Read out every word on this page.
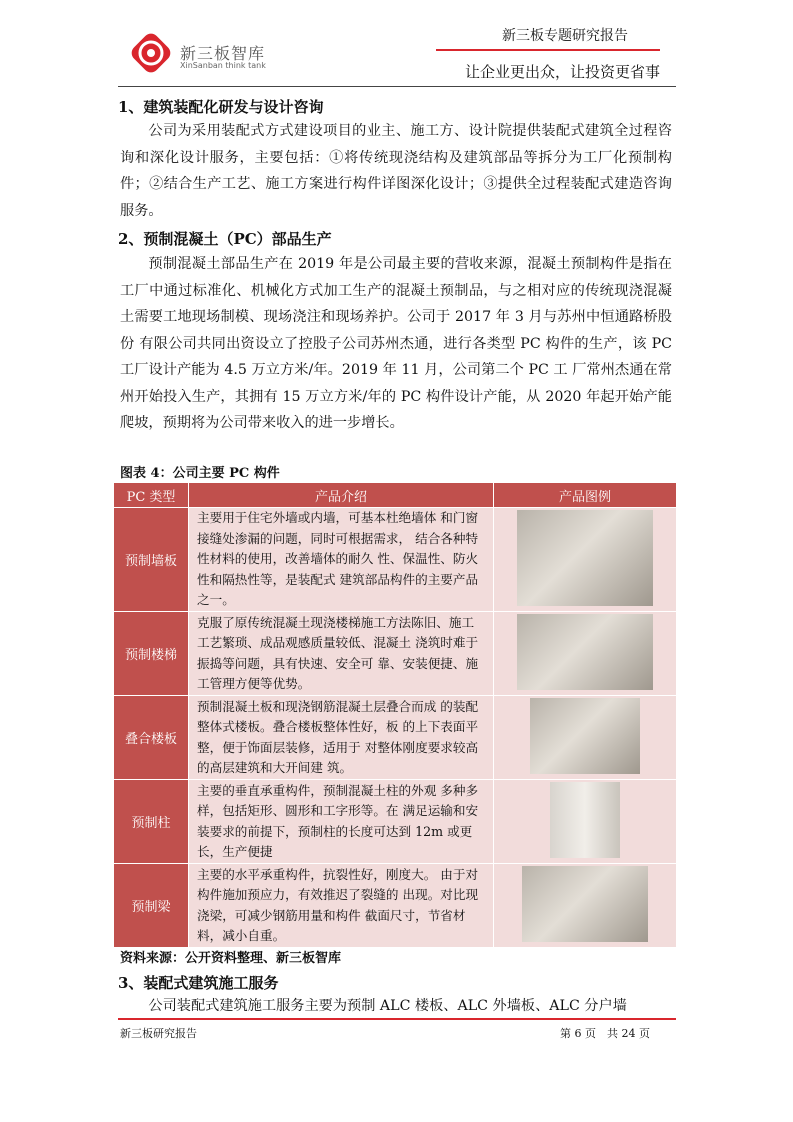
新三板智库
XinSanban think tank
新三板专题研究报告
让企业更出众，让投资更省事
1、建筑装配化研发与设计咨询
公司为采用装配式方式建设项目的业主、施工方、设计院提供装配式建筑全过程咨询和深化设计服务，主要包括：①将传统现浇结构及建筑部品等拆分为工厂化预制构件；②结合生产工艺、施工方案进行构件详图深化设计；③提供全过程装配式建造咨询服务。
2、预制混凝土（PC）部品生产
预制混凝土部品生产在 2019 年是公司最主要的营收来源，混凝土预制构件是指在工厂中通过标准化、机械化方式加工生产的混凝土预制品，与之相对应的传统现浇混凝土需要工地现场制模、现场浇注和现场养护。公司于 2017 年 3 月与苏州中恒通路桥股份 有限公司共同出资设立了控股子公司苏州杰通，进行各类型 PC 构件的生产，该 PC 工厂设计产能为 4.5 万立方米/年。2019 年 11 月，公司第二个 PC 工 厂常州杰通在常州开始投入生产，其拥有 15 万立方米/年的 PC 构件设计产能，从 2020 年起开始产能爬坡，预期将为公司带来收入的进一步增长。
图表 4：公司主要 PC 构件
PC 类型	产品介绍	产品图例
预制墙板	主要用于住宅外墙或内墙，可基本杜绝墙体 和门窗接缝处渗漏的问题，同时可根据需求， 结合各种特性材料的使用，改善墙体的耐久 性、保温性、防火性和隔热性等，是装配式 建筑部品构件的主要产品之一。	
预制楼梯	克服了原传统混凝土现浇楼梯施工方法陈旧、施工工艺繁琐、成品观感质量较低、混凝土 浇筑时难于振捣等问题，具有快速、安全可 靠、安装便捷、施工管理方便等优势。	
叠合楼板	预制混凝土板和现浇钢筋混凝土层叠合而成 的装配整体式楼板。叠合楼板整体性好，板 的上下表面平整，便于饰面层装修，适用于 对整体刚度要求较高的高层建筑和大开间建 筑。	
预制柱	主要的垂直承重构件，预制混凝土柱的外观 多种多样，包括矩形、圆形和工字形等。在 满足运输和安装要求的前提下，预制柱的长度可达到 12m 或更长，生产便捷	
预制梁	主要的水平承重构件，抗裂性好，刚度大。 由于对构件施加预应力，有效推迟了裂缝的 出现。对比现浇梁，可减少钢筋用量和构件 截面尺寸，节省材料，减小自重。	
资料来源：公开资料整理、新三板智库
3、装配式建筑施工服务
公司装配式建筑施工服务主要为预制 ALC 楼板、ALC 外墙板、ALC 分户墙
新三板研究报告	第 6 页　共 24 页
